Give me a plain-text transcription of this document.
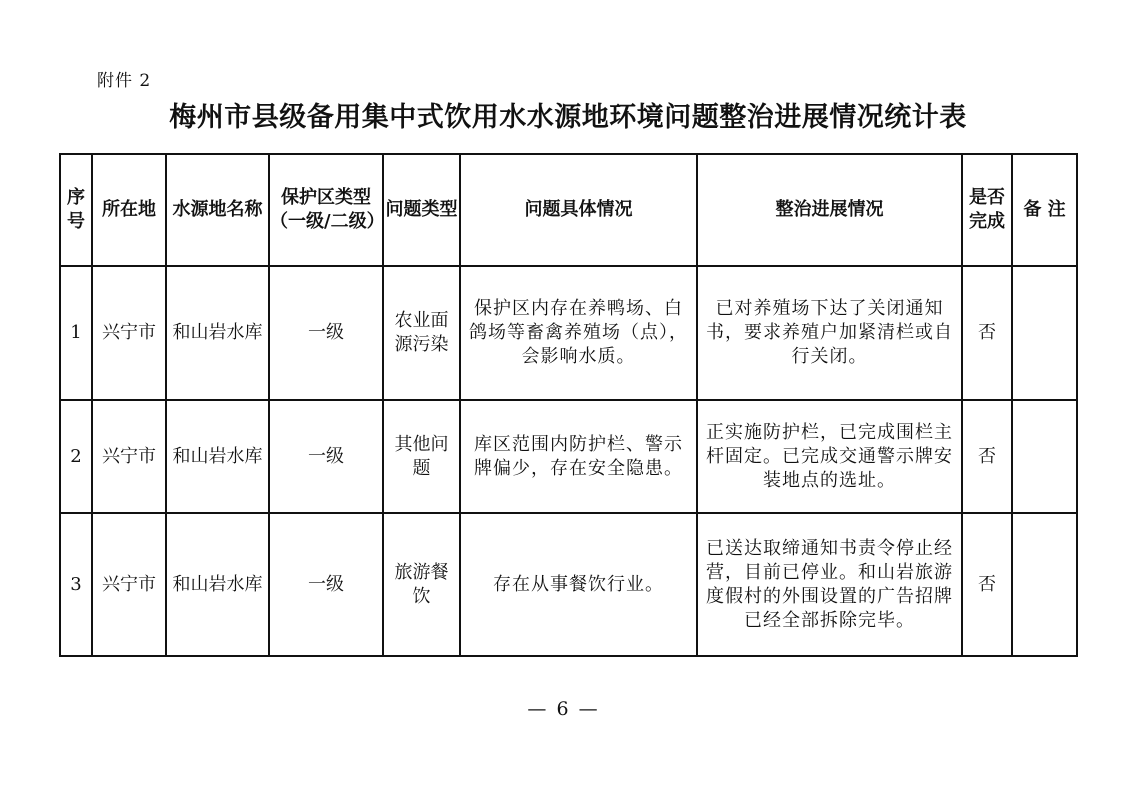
附件 2
梅州市县级备用集中式饮用水水源地环境问题整治进展情况统计表
序号	所在地	水源地名称	保护区类型（一级/二级）	问题类型	问题具体情况	整治进展情况	是否完成	备 注
1	兴宁市	和山岩水库	一级	农业面源污染	保护区内存在养鸭场、白鸽场等畜禽养殖场（点），会影响水质。	已对养殖场下达了关闭通知书，要求养殖户加紧清栏或自行关闭。	否	
2	兴宁市	和山岩水库	一级	其他问题	库区范围内防护栏、警示牌偏少，存在安全隐患。	正实施防护栏，已完成围栏主杆固定。已完成交通警示牌安装地点的选址。	否	
3	兴宁市	和山岩水库	一级	旅游餐饮	存在从事餐饮行业。	已送达取缔通知书责令停止经营，目前已停业。和山岩旅游度假村的外围设置的广告招牌已经全部拆除完毕。	否	
— 6 —
